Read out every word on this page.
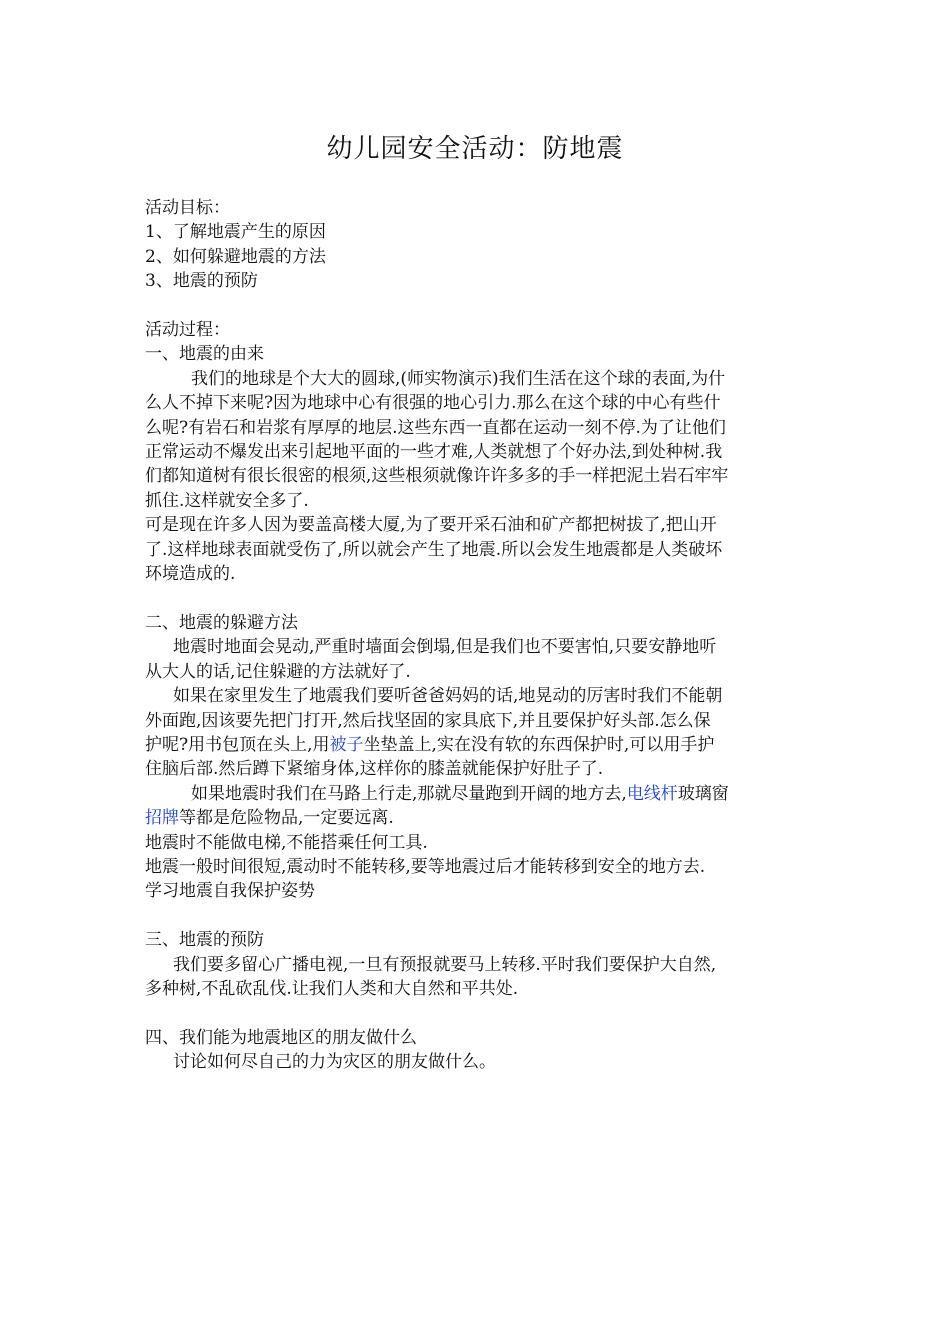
幼儿园安全活动：防地震
活动目标：
1、了解地震产生的原因
2、如何躲避地震的方法
3、地震的预防
活动过程：
一、地震的由来
我们的地球是个大大的圆球,(师实物演示)我们生活在这个球的表面,为什
么人不掉下来呢?因为地球中心有很强的地心引力.那么在这个球的中心有些什
么呢?有岩石和岩浆有厚厚的地层.这些东西一直都在运动一刻不停.为了让他们
正常运动不爆发出来引起地平面的一些才难,人类就想了个好办法,到处种树.我
们都知道树有很长很密的根须,这些根须就像许许多多的手一样把泥土岩石牢牢
抓住.这样就安全多了.
可是现在许多人因为要盖高楼大厦,为了要开采石油和矿产都把树拔了,把山开
了.这样地球表面就受伤了,所以就会产生了地震.所以会发生地震都是人类破坏
环境造成的.
二、地震的躲避方法
地震时地面会晃动,严重时墙面会倒塌,但是我们也不要害怕,只要安静地听
从大人的话,记住躲避的方法就好了.
如果在家里发生了地震我们要听爸爸妈妈的话,地晃动的厉害时我们不能朝
外面跑,因该要先把门打开,然后找坚固的家具底下,并且要保护好头部.怎么保
护呢?用书包顶在头上,用被子坐垫盖上,实在没有软的东西保护时,可以用手护
住脑后部.然后蹲下紧缩身体,这样你的膝盖就能保护好肚子了.
如果地震时我们在马路上行走,那就尽量跑到开阔的地方去,电线杆玻璃窗
招牌等都是危险物品,一定要远离.
地震时不能做电梯,不能搭乘任何工具.
地震一般时间很短,震动时不能转移,要等地震过后才能转移到安全的地方去.
学习地震自我保护姿势
三、地震的预防
我们要多留心广播电视,一旦有预报就要马上转移.平时我们要保护大自然,
多种树,不乱砍乱伐.让我们人类和大自然和平共处.
四、我们能为地震地区的朋友做什么
讨论如何尽自己的力为灾区的朋友做什么。
